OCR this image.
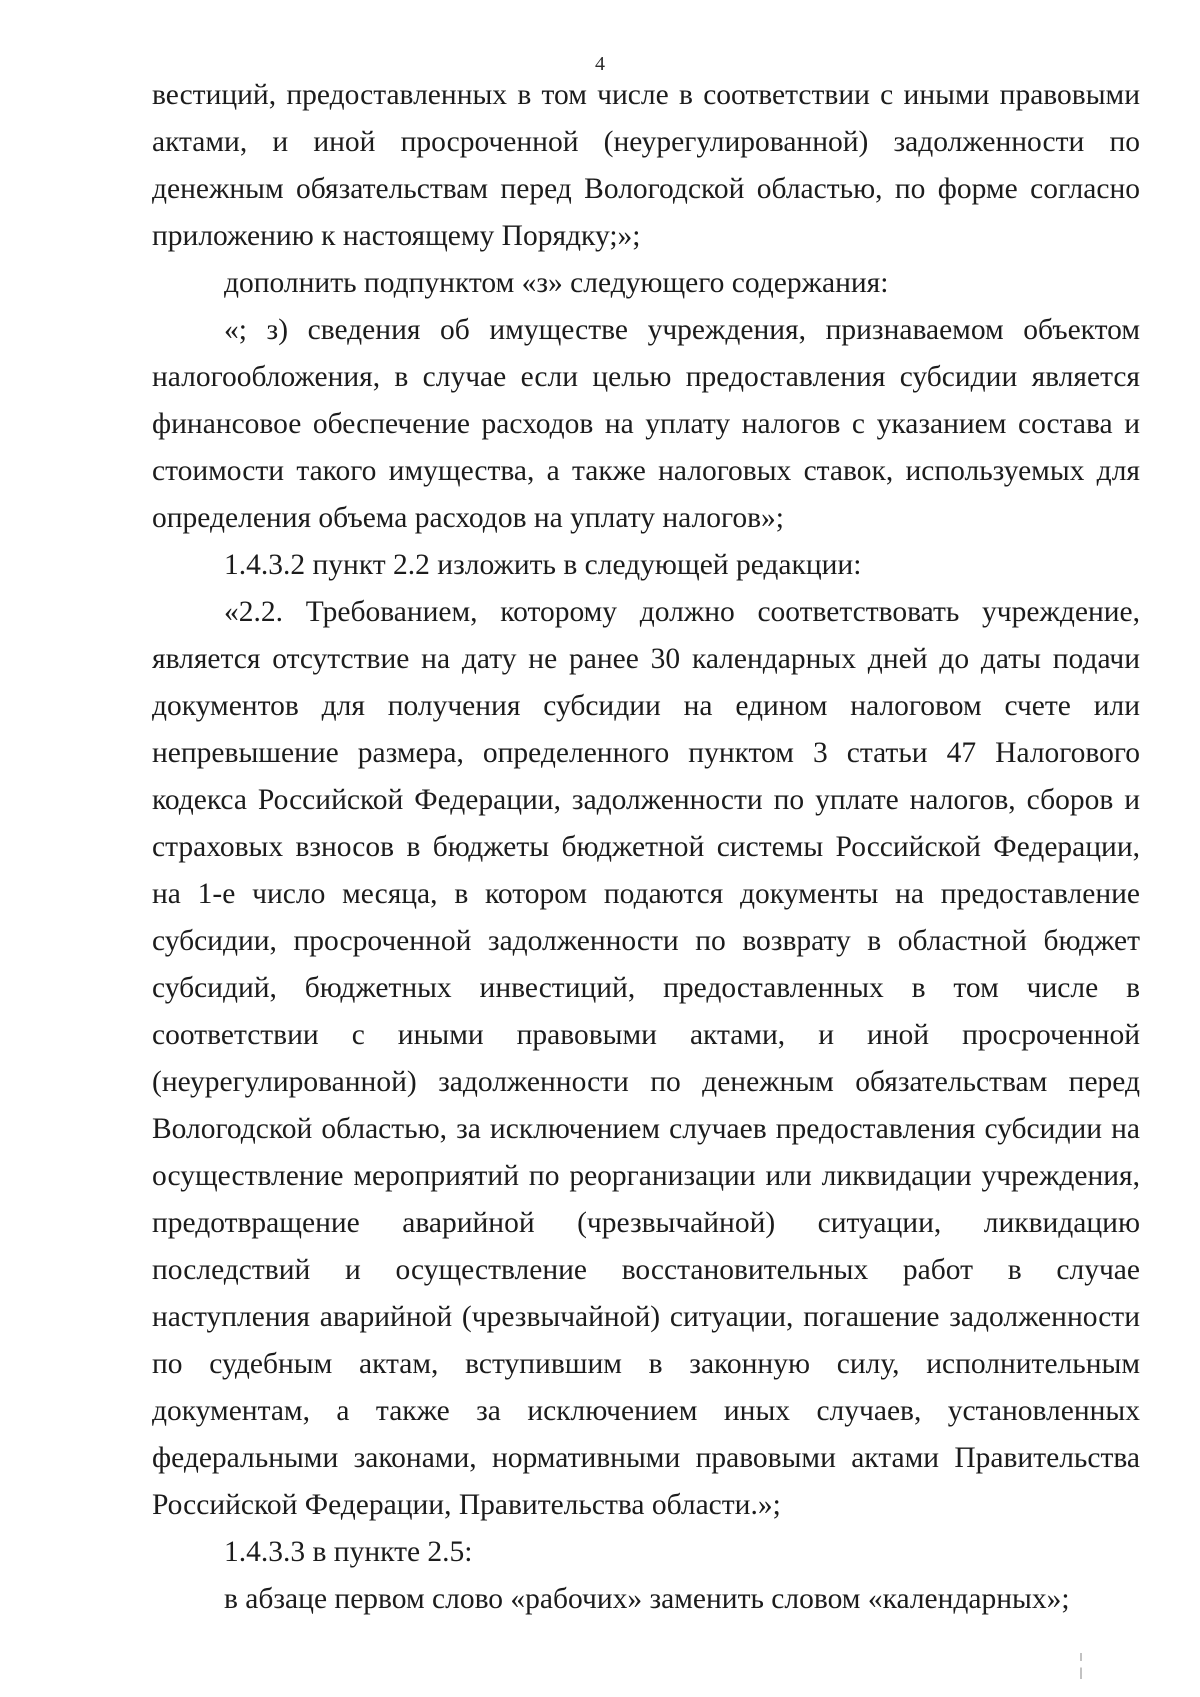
4

вестиций, предоставленных в том числе в соответствии с иными правовыми актами, и иной просроченной (неурегулированной) задолженности по денежным обязательствам перед Вологодской областью, по форме согласно приложению к настоящему Порядку;»;

дополнить подпунктом «з» следующего содержания:

«; з) сведения об имуществе учреждения, признаваемом объектом налогообложения, в случае если целью предоставления субсидии является финансовое обеспечение расходов на уплату налогов с указанием состава и стоимости такого имущества, а также налоговых ставок, используемых для определения объема расходов на уплату налогов»;

1.4.3.2 пункт 2.2 изложить в следующей редакции:

«2.2. Требованием, которому должно соответствовать учреждение, является отсутствие на дату не ранее 30 календарных дней до даты подачи документов для получения субсидии на едином налоговом счете или непревышение размера, определенного пунктом 3 статьи 47 Налогового кодекса Российской Федерации, задолженности по уплате налогов, сборов и страховых взносов в бюджеты бюджетной системы Российской Федерации, на 1-е число месяца, в котором подаются документы на предоставление субсидии, просроченной задолженности по возврату в областной бюджет субсидий, бюджетных инвестиций, предоставленных в том числе в соответствии с иными правовыми актами, и иной просроченной (неурегулированной) задолженности по денежным обязательствам перед Вологодской областью, за исключением случаев предоставления субсидии на осуществление мероприятий по реорганизации или ликвидации учреждения, предотвращение аварийной (чрезвычайной) ситуации, ликвидацию последствий и осуществление восстановительных работ в случае наступления аварийной (чрезвычайной) ситуации, погашение задолженности по судебным актам, вступившим в законную силу, исполнительным документам, а также за исключением иных случаев, установленных федеральными законами, нормативными правовыми актами Правительства Российской Федерации, Правительства области.»;

1.4.3.3 в пункте 2.5:

в абзаце первом слово «рабочих» заменить словом «календарных»;
